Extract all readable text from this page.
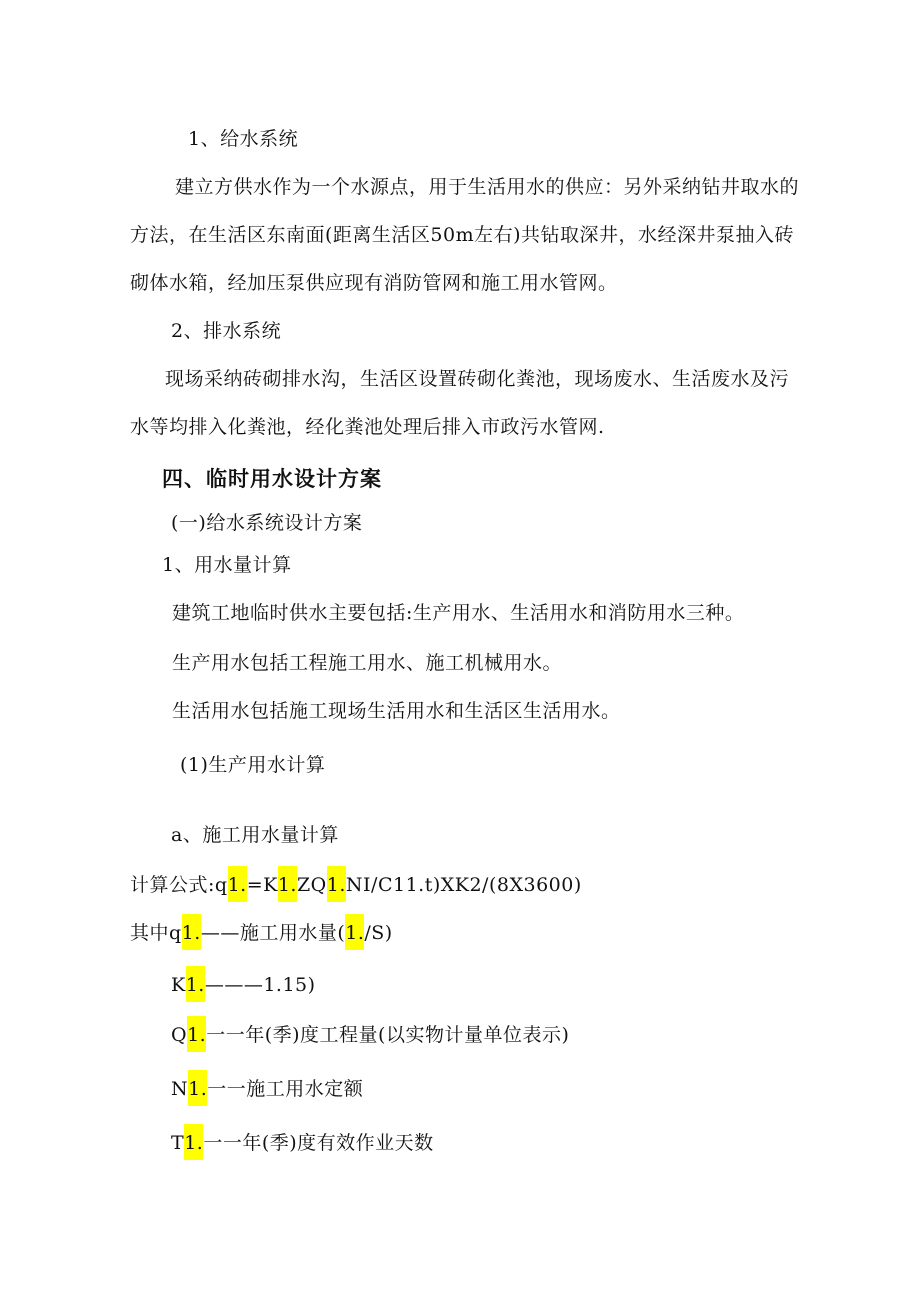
1、给水系统
建立方供水作为一个水源点，用于生活用水的供应：另外采纳钻井取水的
方法，在生活区东南面(距离生活区50m左右)共钻取深井，水经深井泵抽入砖
砌体水箱，经加压泵供应现有消防管网和施工用水管网。
2、排水系统
现场采纳砖砌排水沟，生活区设置砖砌化粪池，现场废水、生活废水及污
水等均排入化粪池，经化粪池处理后排入市政污水管网.
四、临时用水设计方案
(一)给水系统设计方案
1、用水量计算
建筑工地临时供水主要包括:生产用水、生活用水和消防用水三种。
生产用水包括工程施工用水、施工机械用水。
生活用水包括施工现场生活用水和生活区生活用水。
(1)生产用水计算
a、施工用水量计算
计算公式:q1.=K1.ZQ1.NI∕C11.t)XK2/(8X3600)
其中q1.——施工用水量(1./S)
K1.———1.15)
Q1.一一年(季)度工程量(以实物计量单位表示)
N1.一一施工用水定额
T1.一一年(季)度有效作业天数
